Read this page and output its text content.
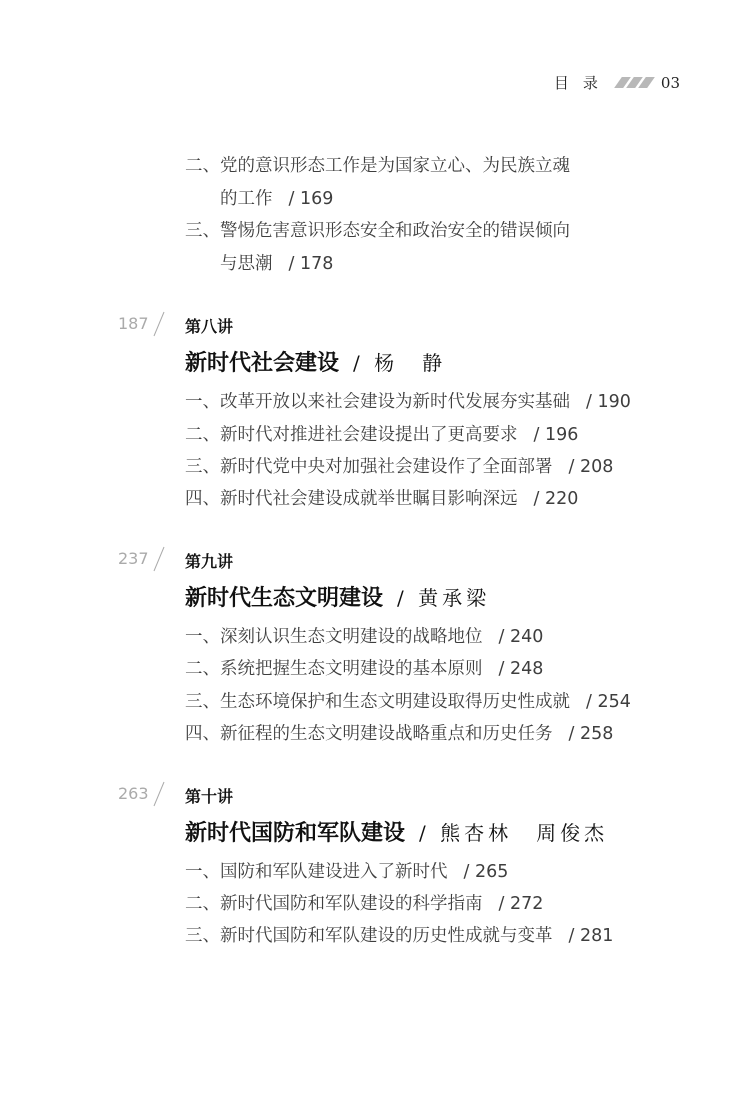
目录	03
二、党的意识形态工作是为国家立心、为民族立魂
的工作 / 169
三、警惕危害意识形态安全和政治安全的错误倾向
与思潮 / 178
187 第八讲
新时代社会建设 / 杨　静
一、改革开放以来社会建设为新时代发展夯实基础 / 190
二、新时代对推进社会建设提出了更高要求 / 196
三、新时代党中央对加强社会建设作了全面部署 / 208
四、新时代社会建设成就举世瞩目影响深远 / 220
237 第九讲
新时代生态文明建设 / 黄承梁
一、深刻认识生态文明建设的战略地位 / 240
二、系统把握生态文明建设的基本原则 / 248
三、生态环境保护和生态文明建设取得历史性成就 / 254
四、新征程的生态文明建设战略重点和历史任务 / 258
263 第十讲
新时代国防和军队建设 / 熊杏林　周俊杰
一、国防和军队建设进入了新时代 / 265
二、新时代国防和军队建设的科学指南 / 272
三、新时代国防和军队建设的历史性成就与变革 / 281
